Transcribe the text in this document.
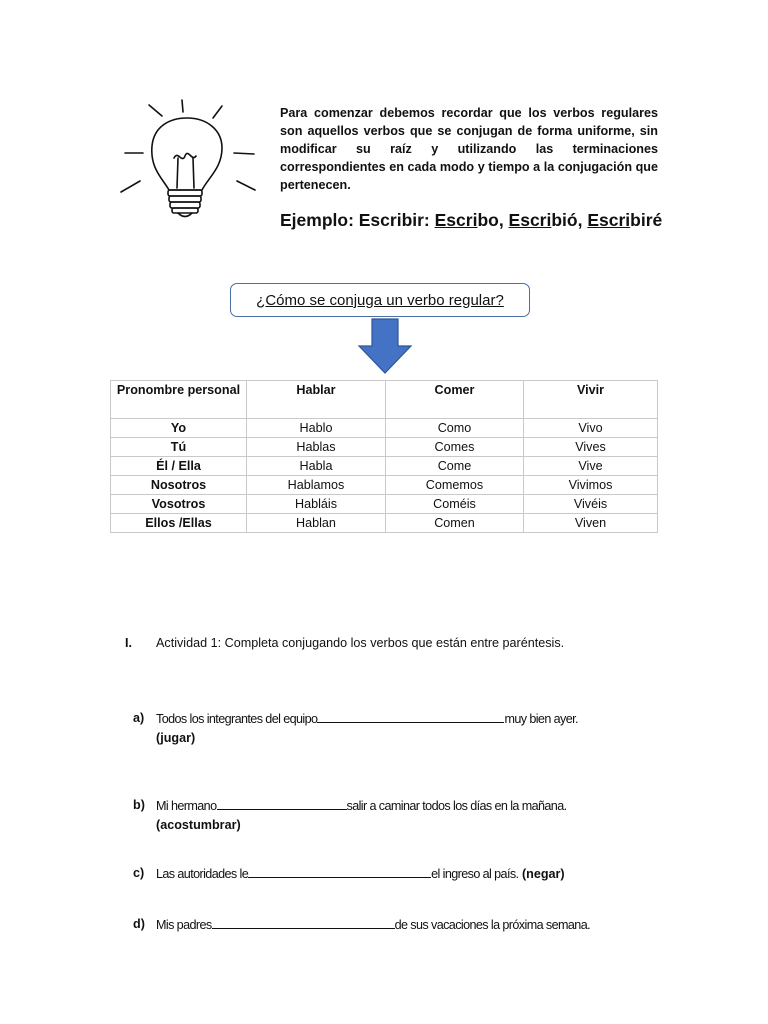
Para comenzar debemos recordar que los verbos regulares son aquellos verbos que se conjugan de forma uniforme, sin modificar su raíz y utilizando las terminaciones correspondientes en cada modo y tiempo a la conjugación que pertenecen.
Ejemplo: Escribir: Escribo, Escribió, Escribiré
¿Cómo se conjuga un verbo regular?
Pronombre personal	Hablar	Comer	Vivir
Yo	Hablo	Como	Vivo
Tú	Hablas	Comes	Vives
Él / Ella	Habla	Come	Vive
Nosotros	Hablamos	Comemos	Vivimos
Vosotros	Habláis	Coméis	Vivéis
Ellos /Ellas	Hablan	Comen	Viven
I. Actividad 1: Completa conjugando los verbos que están entre paréntesis.
a) Todos los integrantes del equipo	muy bien ayer.
(jugar)
b) Mi hermano	salir a caminar todos los días en la mañana.
(acostumbrar)
c) Las autoridades le	el ingreso al país. (negar)
d) Mis padres	de sus vacaciones la próxima semana.
